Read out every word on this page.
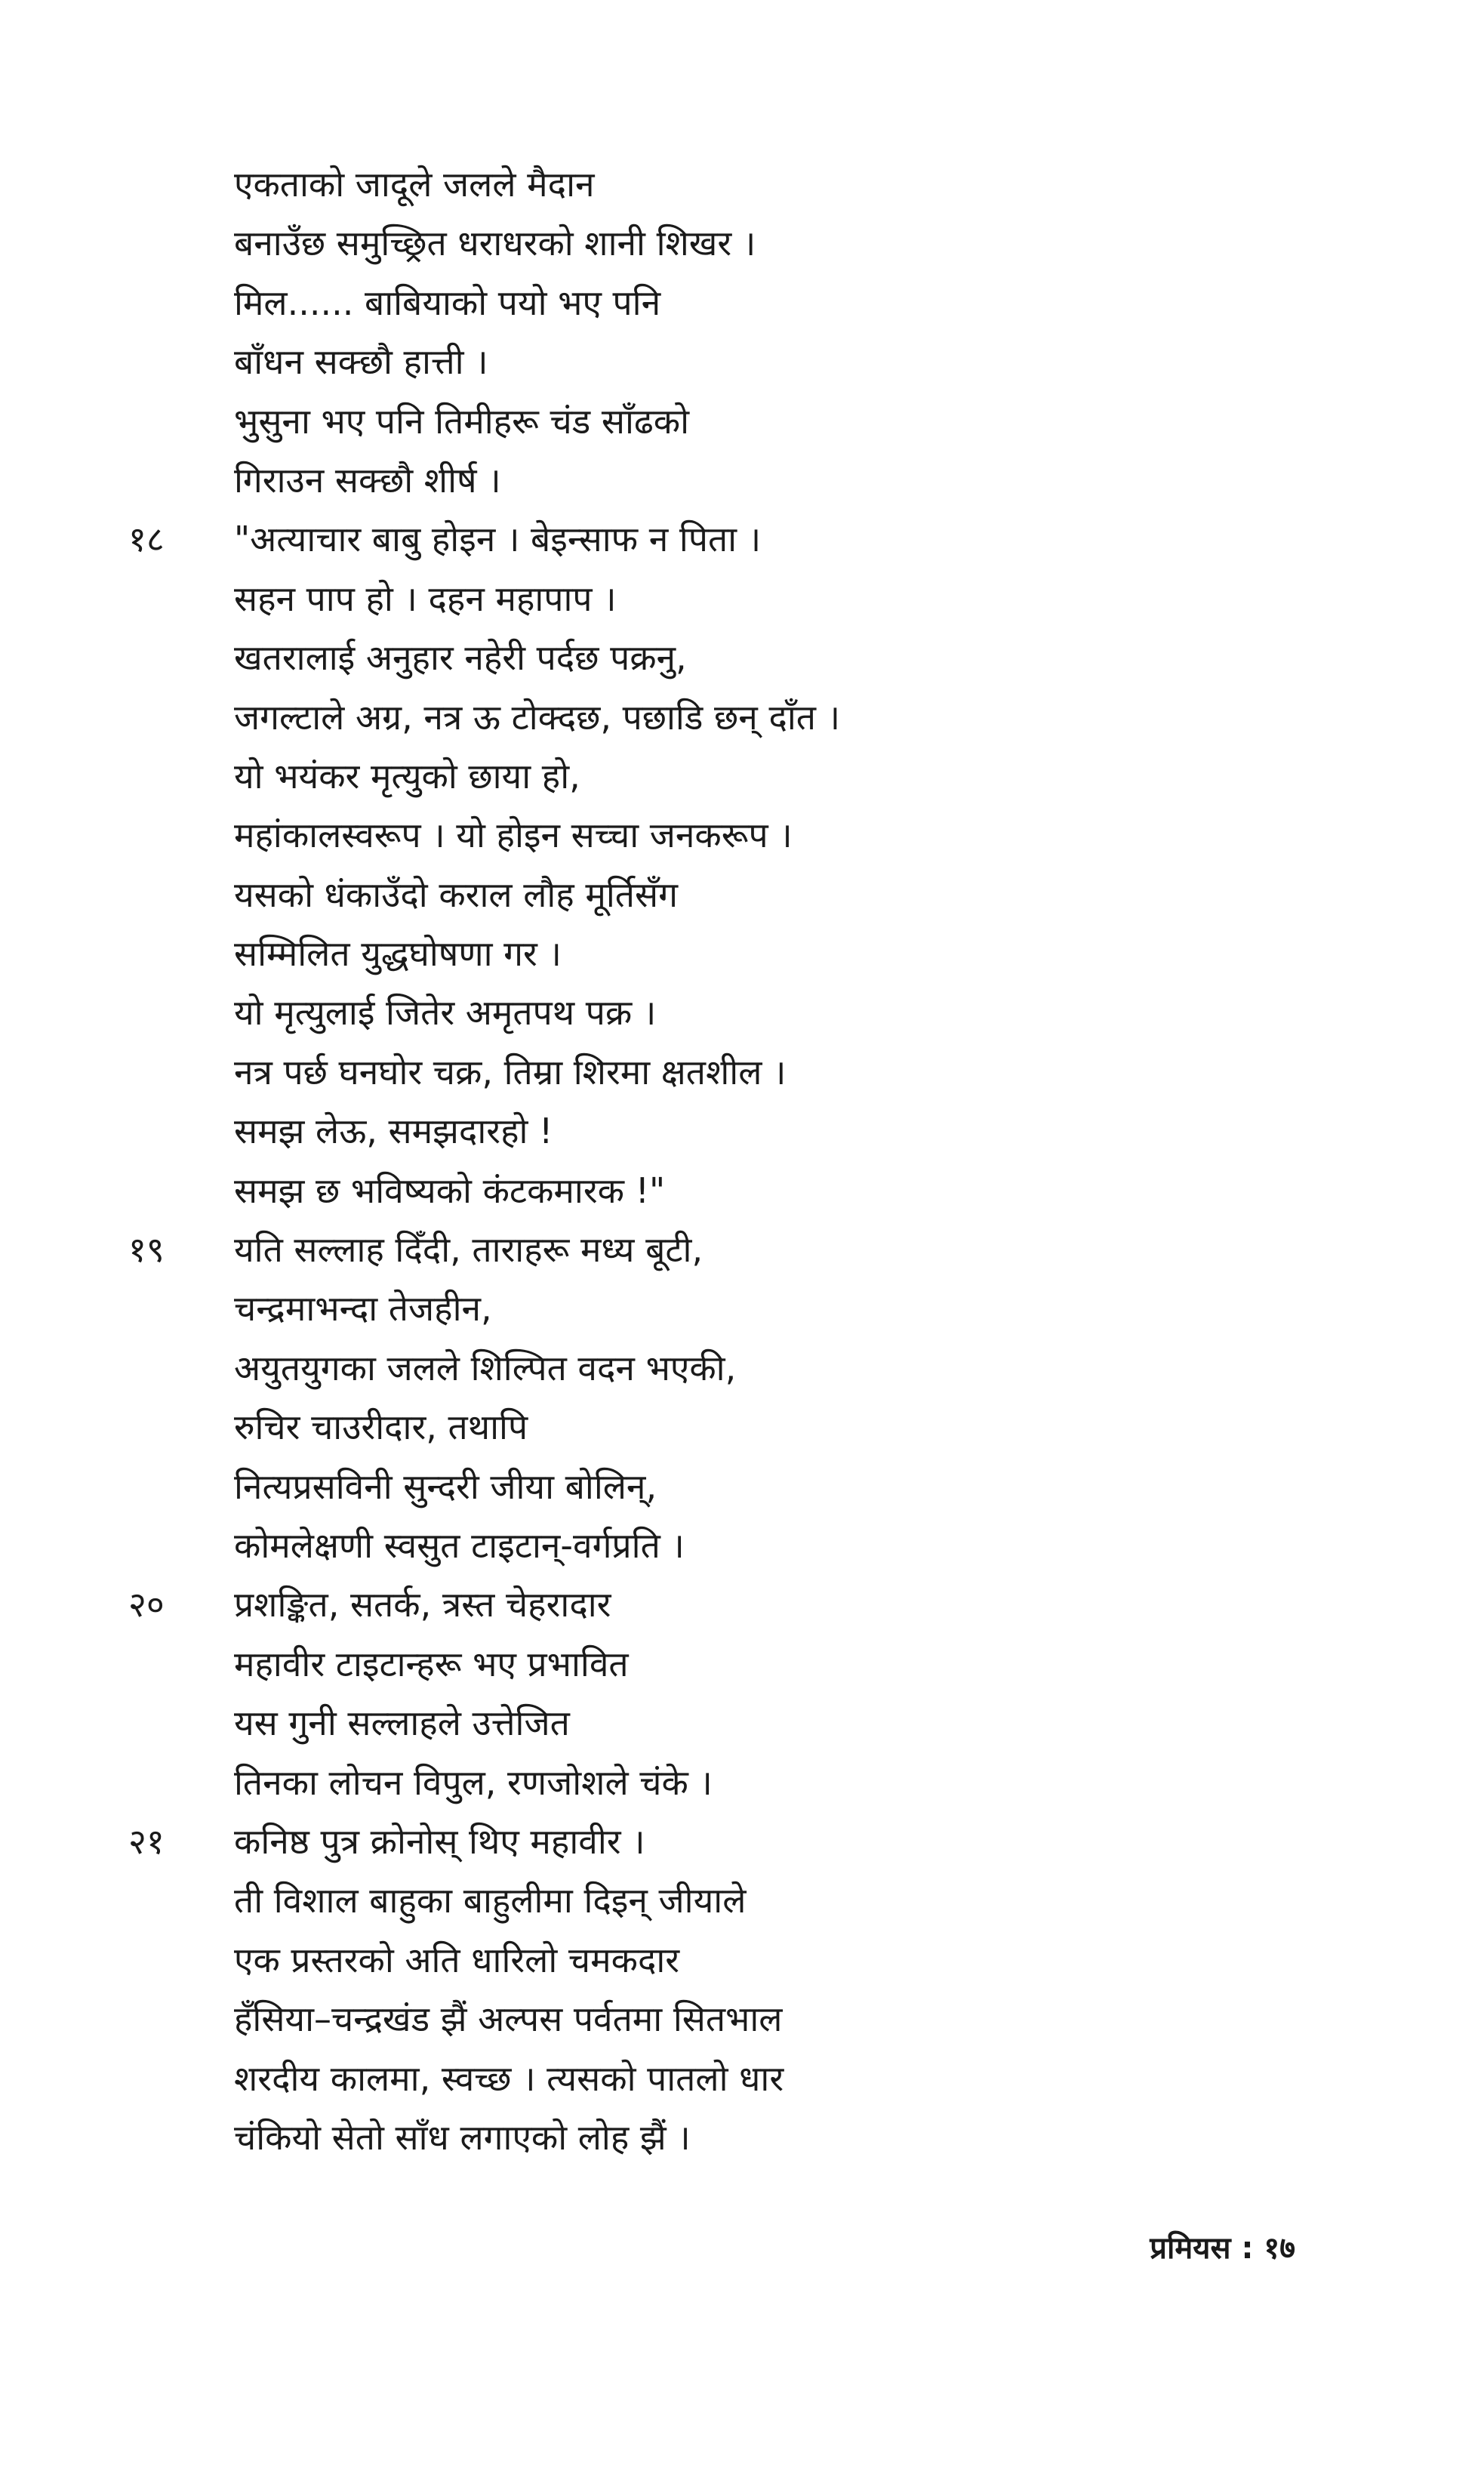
एकताको जादूले जलले मैदान
बनाउँछ समुच्छ्रित धराधरको शानी शिखर ।
मिल...... बाबियाको पयो भए पनि
बाँधन सक्छौ हात्ती ।
भुसुना भए पनि तिमीहरू चंड साँढको
गिराउन सक्छौ शीर्ष ।
१८	"अत्याचार बाबु होइन । बेइन्साफ न पिता ।
सहन पाप हो । दहन महापाप ।
खतरालाई अनुहार नहेरी पर्दछ पक्रनु,
जगल्टाले अग्र, नत्र ऊ टोक्दछ, पछाडि छन् दाँत ।
यो भयंकर मृत्युको छाया हो,
महांकालस्वरूप । यो होइन सच्चा जनकरूप ।
यसको धंकाउँदो कराल लौह मूर्तिसँग
सम्मिलित युद्धघोषणा गर ।
यो मृत्युलाई जितेर अमृतपथ पक्र ।
नत्र पर्छ घनघोर चक्र, तिम्रा शिरमा क्षतशील ।
समझ लेऊ, समझदारहो !
समझ छ भविष्यको कंटकमारक !"
१९	यति सल्लाह दिँदी, ताराहरू मध्य बूटी,
चन्द्रमाभन्दा तेजहीन,
अयुतयुगका जलले शिल्पित वदन भएकी,
रुचिर चाउरीदार, तथापि
नित्यप्रसविनी सुन्दरी जीया बोलिन्,
कोमलेक्षणी स्वसुत टाइटान्-वर्गप्रति ।
२०	प्रशङ्कित, सतर्क, त्रस्त चेहरादार
महावीर टाइटान्हरू भए प्रभावित
यस गुनी सल्लाहले उत्तेजित
तिनका लोचन विपुल, रणजोशले चंके ।
२१	कनिष्ठ पुत्र क्रोनोस् थिए महावीर ।
ती विशाल बाहुका बाहुलीमा दिइन् जीयाले
एक प्रस्तरको अति धारिलो चमकदार
हँसिया–चन्द्रखंड झैं अल्पस पर्वतमा सितभाल
शरदीय कालमा, स्वच्छ । त्यसको पातलो धार
चंकियो सेतो साँध लगाएको लोह झैं ।
प्रमियस : १७
